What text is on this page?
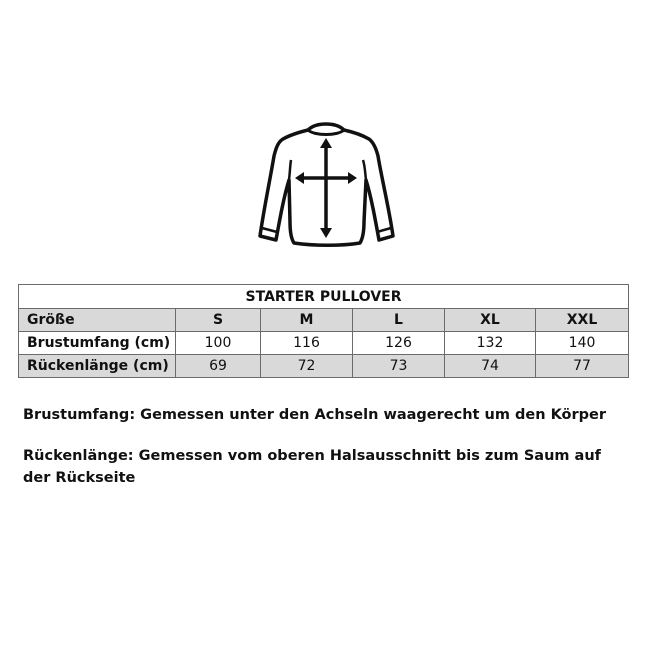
STARTER PULLOVER					
Größe	S	M	L	XL	XXL
Brustumfang (cm)	100	116	126	132	140
Rückenlänge (cm)	69	72	73	74	77
Brustumfang: Gemessen unter den Achseln waagerecht um den Körper
Rückenlänge: Gemessen vom oberen Halsausschnitt bis zum Saum auf der Rückseite
